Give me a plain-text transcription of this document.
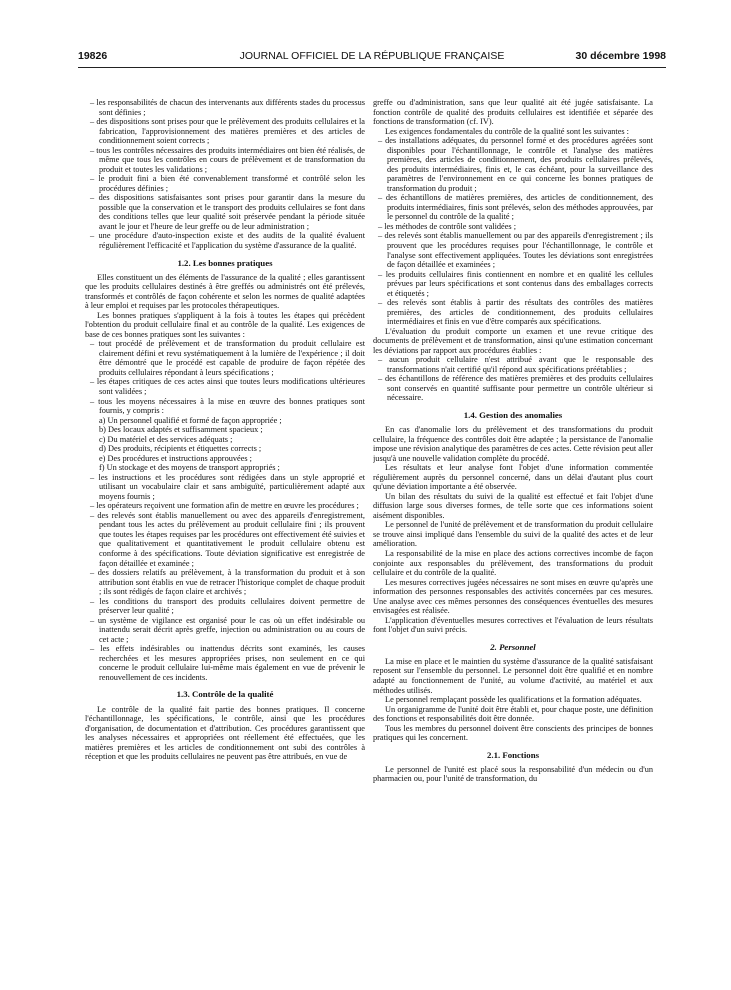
19826	JOURNAL OFFICIEL DE LA RÉPUBLIQUE FRANÇAISE	30 décembre 1998

– les responsabilités de chacun des intervenants aux différents stades du processus sont définies ;

– des dispositions sont prises pour que le prélèvement des produits cellulaires et la fabrication, l'approvisionnement des matières premières et des articles de conditionnement soient corrects ;

– tous les contrôles nécessaires des produits intermédiaires ont bien été réalisés, de même que tous les contrôles en cours de prélèvement et de transformation du produit et toutes les validations ;

– le produit fini a bien été convenablement transformé et contrôlé selon les procédures définies ;

– des dispositions satisfaisantes sont prises pour garantir dans la mesure du possible que la conservation et le transport des produits cellulaires se font dans des conditions telles que leur qualité soit préservée pendant la période située avant le jour et l'heure de leur greffe ou de leur administration ;

– une procédure d'auto-inspection existe et des audits de la qualité évaluent régulièrement l'efficacité et l'application du système d'assurance de la qualité.

1.2. Les bonnes pratiques

Elles constituent un des éléments de l'assurance de la qualité ; elles garantissent que les produits cellulaires destinés à être greffés ou administrés ont été prélevés, transformés et contrôlés de façon cohérente et selon les normes de qualité adaptées à leur emploi et requises par les protocoles thérapeutiques.

Les bonnes pratiques s'appliquent à la fois à toutes les étapes qui précèdent l'obtention du produit cellulaire final et au contrôle de la qualité. Les exigences de base de ces bonnes pratiques sont les suivantes :

– tout procédé de prélèvement et de transformation du produit cellulaire est clairement défini et revu systématiquement à la lumière de l'expérience ; il doit être démontré que le procédé est capable de produire de façon répétée des produits cellulaires répondant à leurs spécifications ;

– les étapes critiques de ces actes ainsi que toutes leurs modifications ultérieures sont validées ;

– tous les moyens nécessaires à la mise en œuvre des bonnes pratiques sont fournis, y compris :

a) Un personnel qualifié et formé de façon appropriée ;

b) Des locaux adaptés et suffisamment spacieux ;

c) Du matériel et des services adéquats ;

d) Des produits, récipients et étiquettes corrects ;

e) Des procédures et instructions approuvées ;

f) Un stockage et des moyens de transport appropriés ;

– les instructions et les procédures sont rédigées dans un style approprié et utilisant un vocabulaire clair et sans ambiguïté, particulièrement adapté aux moyens fournis ;

– les opérateurs reçoivent une formation afin de mettre en œuvre les procédures ;

– des relevés sont établis manuellement ou avec des appareils d'enregistrement, pendant tous les actes du prélèvement au produit cellulaire fini ; ils prouvent que toutes les étapes requises par les procédures ont effectivement été suivies et que qualitativement et quantitativement le produit cellulaire obtenu est conforme à des spécifications. Toute déviation significative est enregistrée de façon détaillée et examinée ;

– des dossiers relatifs au prélèvement, à la transformation du produit et à son attribution sont établis en vue de retracer l'historique complet de chaque produit ; ils sont rédigés de façon claire et archivés ;

– les conditions du transport des produits cellulaires doivent permettre de préserver leur qualité ;

– un système de vigilance est organisé pour le cas où un effet indésirable ou inattendu serait décrit après greffe, injection ou administration ou au cours de cet acte ;

– les effets indésirables ou inattendus décrits sont examinés, les causes recherchées et les mesures appropriées prises, non seulement en ce qui concerne le produit cellulaire lui-même mais également en vue de prévenir le renouvellement de ces incidents.

1.3. Contrôle de la qualité

Le contrôle de la qualité fait partie des bonnes pratiques. Il concerne l'échantillonnage, les spécifications, le contrôle, ainsi que les procédures d'organisation, de documentation et d'attribution. Ces procédures garantissent que les analyses nécessaires et appropriées ont réellement été effectuées, que les matières premières et les articles de conditionnement ont subi des contrôles à réception et que les produits cellulaires ne peuvent pas être attribués, en vue de

greffe ou d'administration, sans que leur qualité ait été jugée satisfaisante. La fonction contrôle de qualité des produits cellulaires est identifiée et séparée des fonctions de transformation (cf. IV).

Les exigences fondamentales du contrôle de la qualité sont les suivantes :

– des installations adéquates, du personnel formé et des procédures agréées sont disponibles pour l'échantillonnage, le contrôle et l'analyse des matières premières, des articles de conditionnement, des produits cellulaires prélevés, des produits intermédiaires, finis et, le cas échéant, pour la surveillance des paramètres de l'environnement en ce qui concerne les bonnes pratiques de transformation du produit ;

– des échantillons de matières premières, des articles de conditionnement, des produits intermédiaires, finis sont prélevés, selon des méthodes approuvées, par le personnel du contrôle de la qualité ;

– les méthodes de contrôle sont validées ;

– des relevés sont établis manuellement ou par des appareils d'enregistrement ; ils prouvent que les procédures requises pour l'échantillonnage, le contrôle et l'analyse sont effectivement appliquées. Toutes les déviations sont enregistrées de façon détaillée et examinées ;

– les produits cellulaires finis contiennent en nombre et en qualité les cellules prévues par leurs spécifications et sont contenus dans des emballages corrects et étiquetés ;

– des relevés sont établis à partir des résultats des contrôles des matières premières, des articles de conditionnement, des produits cellulaires intermédiaires et finis en vue d'être comparés aux spécifications.

L'évaluation du produit comporte un examen et une revue critique des documents de prélèvement et de transformation, ainsi qu'une estimation concernant les déviations par rapport aux procédures établies :

– aucun produit cellulaire n'est attribué avant que le responsable des transformations n'ait certifié qu'il répond aux spécifications préétablies ;

– des échantillons de référence des matières premières et des produits cellulaires sont conservés en quantité suffisante pour permettre un contrôle ultérieur si nécessaire.

1.4. Gestion des anomalies

En cas d'anomalie lors du prélèvement et des transformations du produit cellulaire, la fréquence des contrôles doit être adaptée ; la persistance de l'anomalie impose une révision analytique des paramètres de ces actes. Cette révision peut aller jusqu'à une nouvelle validation complète du procédé.

Les résultats et leur analyse font l'objet d'une information commentée régulièrement auprès du personnel concerné, dans un délai d'autant plus court qu'une déviation importante a été observée.

Un bilan des résultats du suivi de la qualité est effectué et fait l'objet d'une diffusion large sous diverses formes, de telle sorte que ces informations soient aisément disponibles.

Le personnel de l'unité de prélèvement et de transformation du produit cellulaire se trouve ainsi impliqué dans l'ensemble du suivi de la qualité des actes et de leur amélioration.

La responsabilité de la mise en place des actions correctives incombe de façon conjointe aux responsables du prélèvement, des transformations du produit cellulaire et du contrôle de la qualité.

Les mesures correctives jugées nécessaires ne sont mises en œuvre qu'après une information des personnes responsables des activités concernées par ces mesures. Une analyse avec ces mêmes personnes des conséquences éventuelles des mesures envisagées est réalisée.

L'application d'éventuelles mesures correctives et l'évaluation de leurs résultats font l'objet d'un suivi précis.

2. Personnel

La mise en place et le maintien du système d'assurance de la qualité satisfaisant reposent sur l'ensemble du personnel. Le personnel doit être qualifié et en nombre adapté au fonctionnement de l'unité, au volume d'activité, au matériel et aux méthodes utilisés.

Le personnel remplaçant possède les qualifications et la formation adéquates.

Un organigramme de l'unité doit être établi et, pour chaque poste, une définition des fonctions et responsabilités doit être donnée.

Tous les membres du personnel doivent être conscients des principes de bonnes pratiques qui les concernent.

2.1. Fonctions

Le personnel de l'unité est placé sous la responsabilité d'un médecin ou d'un pharmacien ou, pour l'unité de transformation, du
